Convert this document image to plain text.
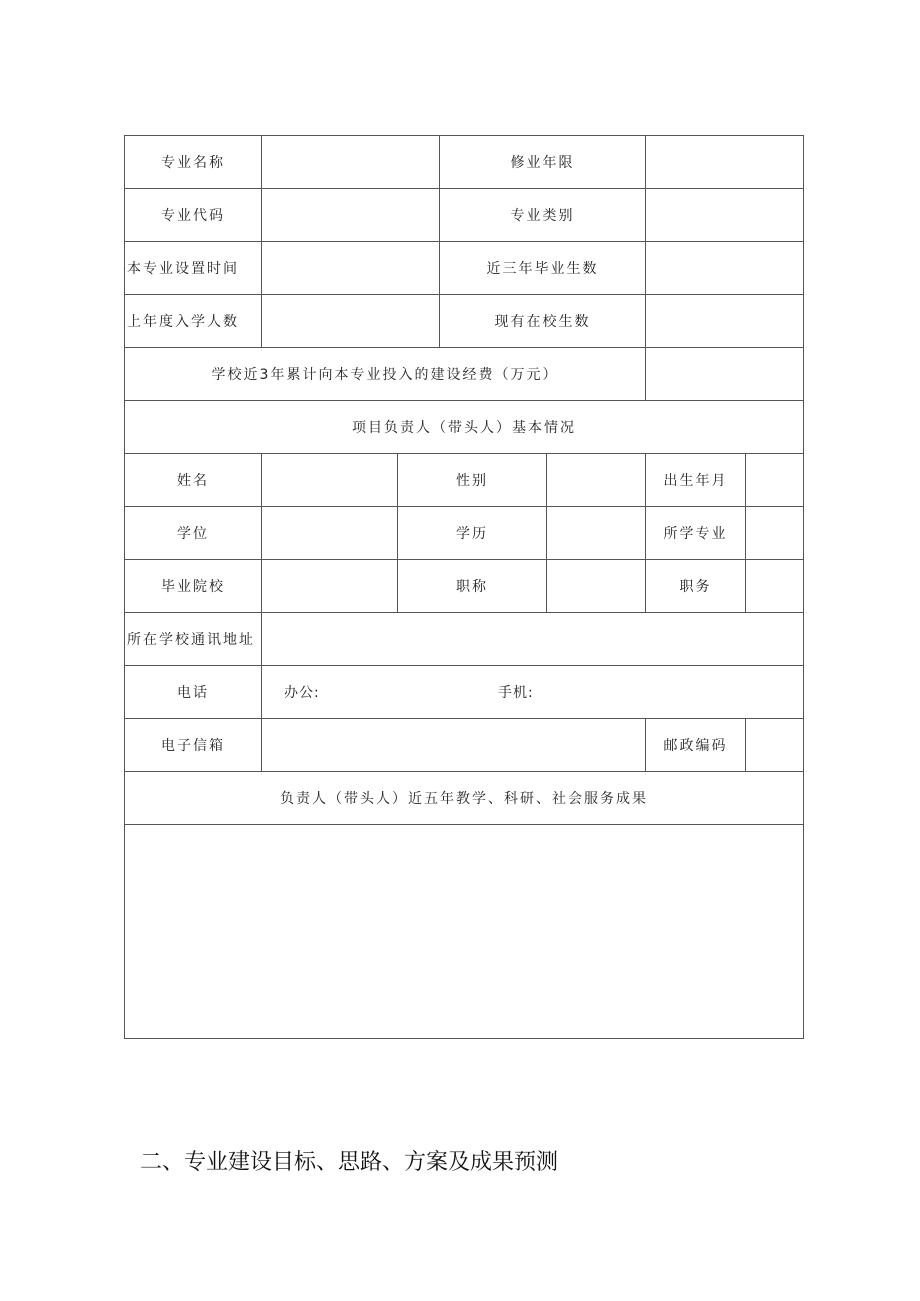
专业名称			修业年限			
专业代码			专业类别			
本专业设置时间			近三年毕业生数			
上年度入学人数			现有在校生数			
学校近3年累计向本专业投入的建设经费（万元）						
项目负责人（带头人）基本情况						
姓名		性别			出生年月	
学位		学历			所学专业	
毕业院校		职称			职务	
所在学校通讯地址						
电话	办公: 手机:					

电子信箱					邮政编码	
负责人（带头人）近五年教学、科研、社会服务成果						

二、专业建设目标、思路、方案及成果预测
